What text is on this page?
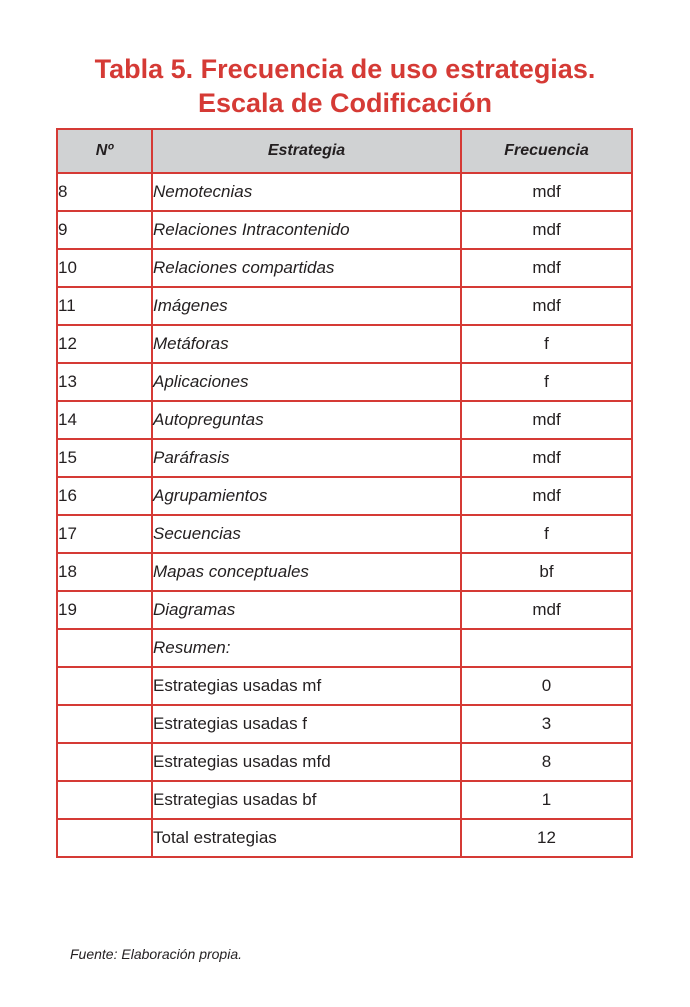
Tabla 5. Frecuencia de uso estrategias.
Escala de Codificación
Nº	Estrategia	Frecuencia
8	Nemotecnias	mdf
9	Relaciones Intracontenido	mdf
10	Relaciones compartidas	mdf
11	Imágenes	mdf
12	Metáforas	f
13	Aplicaciones	f
14	Autopreguntas	mdf
15	Paráfrasis	mdf
16	Agrupamientos	mdf
17	Secuencias	f
18	Mapas conceptuales	bf
19	Diagramas	mdf
	Resumen:	
	Estrategias usadas mf	0
	Estrategias usadas f	3
	Estrategias usadas mfd	8
	Estrategias usadas bf	1
	Total estrategias	12
Fuente: Elaboración propia.
